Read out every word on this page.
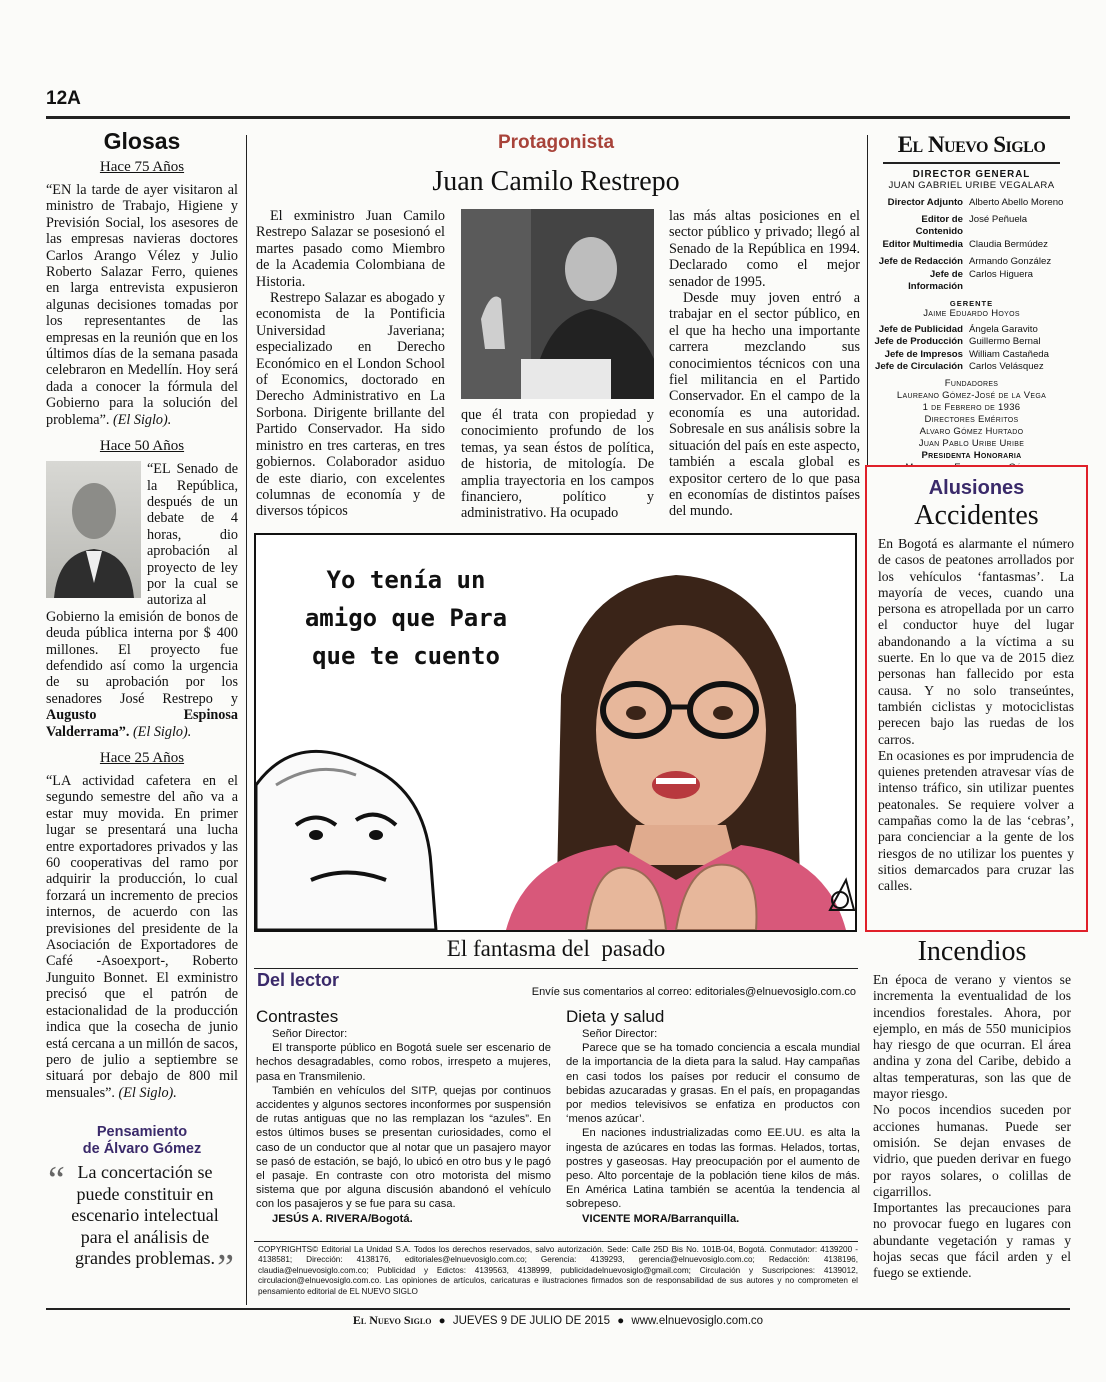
12A
Glosas
Hace 75 Años

“EN la tarde de ayer visitaron al ministro de Trabajo, Higiene y Previsión Social, los asesores de las empresas navieras doctores Carlos Arango Vélez y Julio Roberto Salazar Ferro, quienes en larga entrevista expusieron algunas decisiones tomadas por los representantes de las empresas en la reunión que en los últimos días de la semana pasada celebraron en Medellín. Hoy será dada a conocer la fórmula del Gobierno para la solución del problema”. (El Siglo).

Hace 50 Años

“EL Senado de la República, después de un debate de 4 horas, dio aprobación al proyecto de ley por la cual se autoriza al

Gobierno la emisión de bonos de deuda pública interna por $ 400 millones. El proyecto fue defendido así como la urgencia de su aprobación por los senadores José Restrepo y Augusto Espinosa Valderrama”. (El Siglo).

Hace 25 Años

“LA actividad cafetera en el segundo semestre del año va a estar muy movida. En primer lugar se presentará una lucha entre exportadores privados y las 60 cooperativas del ramo por adquirir la producción, lo cual forzará un incremento de precios internos, de acuerdo con las previsiones del presidente de la Asociación de Exportadores de Café -Asoexport-, Roberto Junguito Bonnet. El exministro precisó que el patrón de estacionalidad de la producción indica que la cosecha de junio está cercana a un millón de sacos, pero de julio a septiembre se situará por debajo de 800 mil mensuales”. (El Siglo).

Pensamiento
de Álvaro Gómez
“ La concertación se puede constituir en escenario intelectual para el análisis de grandes problemas. ”
Protagonista
Juan Camilo Restrepo

El exministro Juan Camilo Restrepo Salazar se posesionó el martes pasado como Miembro de la Academia Colombiana de Historia.

Restrepo Salazar es abogado y economista de la Pontificia Universidad Javeriana; especializado en Derecho Económico en el London School of Economics, doctorado en Derecho Administrativo en La Sorbona. Dirigente brillante del Partido Conservador. Ha sido ministro en tres carteras, en tres gobiernos. Colaborador asiduo de este diario, con excelentes columnas de economía y de diversos tópicos

que él trata con propiedad y conocimiento profundo de los temas, ya sean éstos de política, de historia, de mitología. De amplia trayectoria en los campos financiero, político y administrativo. Ha ocupado

las más altas posiciones en el sector público y privado; llegó al Senado de la República en 1994. Declarado como el mejor senador de 1995.

Desde muy joven entró a trabajar en el sector público, en el que ha hecho una importante carrera mezclando sus conocimientos técnicos con una fiel militancia en el Partido Conservador. En el campo de la economía es una autoridad. Sobresale en sus análisis sobre la situación del país en este aspecto, también a escala global es expositor certero de lo que pasa en economías de distintos países del mundo.

Yo tenía un amigo que Para que te cuento
El fantasma del  pasado
Del lector
Envíe sus comentarios al correo: editoriales@elnuevosiglo.com.co
Contrastes
Señor Director:

El transporte público en Bogotá suele ser escenario de hechos desagradables, como robos, irrespeto a mujeres, pasa en Transmilenio.

También en vehículos del SITP, quejas por continuos accidentes y algunos sectores inconformes por suspensión de rutas antiguas que no las remplazan los “azules”. En estos últimos buses se presentan curiosidades, como el caso de un conductor que al notar que un pasajero mayor se pasó de estación, se bajó, lo ubicó en otro bus y le pagó el pasaje. En contraste con otro motorista del mismo sistema que por alguna discusión abandonó el vehículo con los pasajeros y se fue para su casa.

JESÚS A. RIVERA/Bogotá.
Dieta y salud
Señor Director:

Parece que se ha tomado conciencia a escala mundial de la importancia de la dieta para la salud. Hay campañas en casi todos los países por reducir el consumo de bebidas azucaradas y grasas. En el país, en propagandas por medios televisivos se enfatiza en productos con ‘menos azúcar’.

En naciones industrializadas como EE.UU. es alta la ingesta de azúcares en todas las formas. Helados, tortas, postres y gaseosas. Hay preocupación por el aumento de peso. Alto porcentaje de la población tiene kilos de más. En América Latina también se acentúa la tendencia al sobrepeso.

VICENTE MORA/Barranquilla.
COPYRIGHTS© Editorial La Unidad S.A. Todos los derechos reservados, salvo autorización. Sede: Calle 25D Bis No. 101B-04, Bogotá. Conmutador: 4139200 - 4138581; Dirección: 4138176, editoriales@elnuevosiglo.com.co; Gerencia: 4139293, gerencia@elnuevosiglo.com.co; Redacción: 4138196, claudia@elnuevosiglo.com.co; Publicidad y Edictos: 4139563, 4138999, publicidadelnuevosiglo@gmail.com; Circulación y Suscripciones: 4139012, circulacion@elnuevosiglo.com.co. Las opiniones de artículos, caricaturas e ilustraciones firmados son de responsabilidad de sus autores y no comprometen el pensamiento editorial de EL NUEVO SIGLO
El Nuevo Siglo
DIRECTOR GENERAL
JUAN GABRIEL URIBE VEGALARA
Director Adjunto Alberto Abello Moreno
Editor de Contenido
José Peñuela
Editor Multimedia Claudia Bermúdez
Jefe de Redacción Armando González
Jefe de Información
Carlos Higuera
GERENTE
Jaime Eduardo Hoyos
Jefe de Publicidad Ángela Garavito
Jefe de Producción Guillermo Bernal
Jefe de Impresos William Castañeda
Jefe de Circulación Carlos Velásquez
Fundadores
Laureano Gómez-José de la Vega
1 de Febrero de 1936
Directores Eméritos
Alvaro Gómez Hurtado
Juan Pablo Uribe Uribe
Presidenta Honoraria
Alusiones
Accidentes

En Bogotá es alarmante el número de casos de peatones arrollados por los vehículos ‘fantasmas’. La mayoría de veces, cuando una persona es atropellada por un carro el conductor huye del lugar abandonando a la víctima a su suerte. En lo que va de 2015 diez personas han fallecido por esta causa. Y no solo transeúntes, también ciclistas y motociclistas perecen bajo las ruedas de los carros.

En ocasiones es por imprudencia de quienes pretenden atravesar vías de intenso tráfico, sin utilizar puentes peatonales. Se requiere volver a campañas como la de las ‘cebras’, para concienciar a la gente de los riesgos de no utilizar los puentes y sitios demarcados para cruzar las calles.

Incendios

En época de verano y vientos se incrementa la eventualidad de los incendios forestales. Ahora, por ejemplo, en más de 550 municipios hay riesgo de que ocurran. El área andina y zona del Caribe, debido a altas temperaturas, son las que de mayor riesgo.

No pocos incendios suceden por acciones humanas. Puede ser omisión. Se dejan envases de vidrio, que pueden derivar en fuego por rayos solares, o colillas de cigarrillos.

Importantes las precauciones para no provocar fuego en lugares con abundante vegetación y ramas y hojas secas que fácil arden y el fuego se extiende.

El Nuevo Siglo ● JUEVES 9 DE JULIO DE 2015 ● www.elnuevosiglo.com.co
